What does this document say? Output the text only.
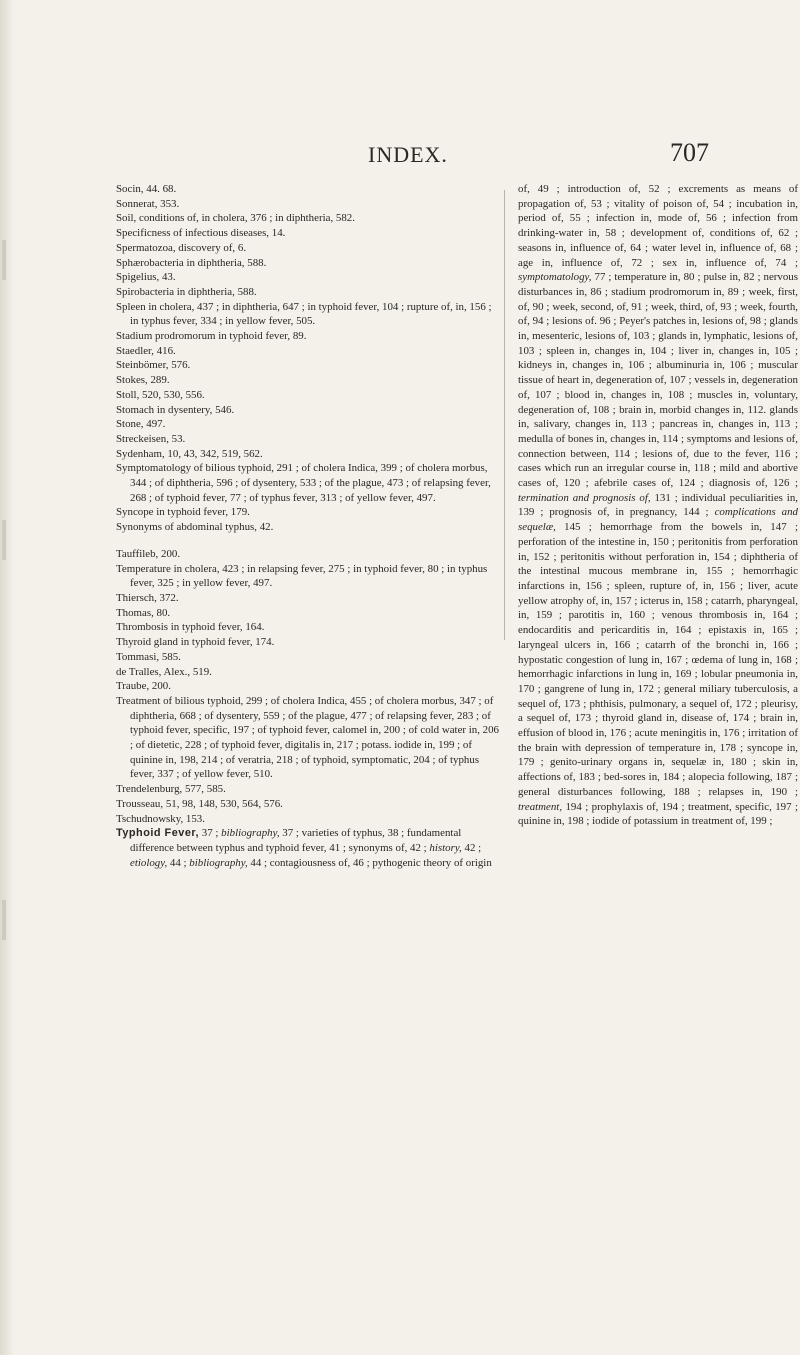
INDEX.	707

Socin, 44. 68.

Sonnerat, 353.

Soil, conditions of, in cholera, 376 ; in diphtheria, 582.

Specificness of infectious diseases, 14.

Spermatozoa, discovery of, 6.

Sphærobacteria in diphtheria, 588.

Spigelius, 43.

Spirobacteria in diphtheria, 588.

Spleen in cholera, 437 ; in diphtheria, 647 ; in typhoid fever, 104 ; rupture of, in, 156 ; in typhus fever, 334 ; in yellow fever, 505.

Stadium prodromorum in typhoid fever, 89.

Staedler, 416.

Steinbömer, 576.

Stokes, 289.

Stoll, 520, 530, 556.

Stomach in dysentery, 546.

Stone, 497.

Streckeisen, 53.

Sydenham, 10, 43, 342, 519, 562.

Symptomatology of bilious typhoid, 291 ; of cholera Indica, 399 ; of cholera morbus, 344 ; of diphtheria, 596 ; of dysentery, 533 ; of the plague, 473 ; of relapsing fever, 268 ; of typhoid fever, 77 ; of typhus fever, 313 ; of yellow fever, 497.

Syncope in typhoid fever, 179.

Synonyms of abdominal typhus, 42.

Tauffileb, 200.

Temperature in cholera, 423 ; in relapsing fever, 275 ; in typhoid fever, 80 ; in typhus fever, 325 ; in yellow fever, 497.

Thiersch, 372.

Thomas, 80.

Thrombosis in typhoid fever, 164.

Thyroid gland in typhoid fever, 174.

Tommasi, 585.

de Tralles, Alex., 519.

Traube, 200.

Treatment of bilious typhoid, 299 ; of cholera Indica, 455 ; of cholera morbus, 347 ; of diphtheria, 668 ; of dysentery, 559 ; of the plague, 477 ; of relapsing fever, 283 ; of typhoid fever, specific, 197 ; of typhoid fever, calomel in, 200 ; of cold water in, 206 ; of dietetic, 228 ; of typhoid fever, digitalis in, 217 ; potass. iodide in, 199 ; of quinine in, 198, 214 ; of veratria, 218 ; of typhoid, symptomatic, 204 ; of typhus fever, 337 ; of yellow fever, 510.

Trendelenburg, 577, 585.

Trousseau, 51, 98, 148, 530, 564, 576.

Tschudnowsky, 153.

Typhoid Fever, 37 ; bibliography, 37 ; varieties of typhus, 38 ; fundamental difference between typhus and typhoid fever, 41 ; synonyms of, 42 ; history, 42 ; etiology, 44 ; bibliography, 44 ; contagiousness of, 46 ; pythogenic theory of origin

of, 49 ; introduction of, 52 ; excrements as means of propagation of, 53 ; vitality of poison of, 54 ; incubation in, period of, 55 ; infection in, mode of, 56 ; infection from drinking-water in, 58 ; development of, conditions of, 62 ; seasons in, influence of, 64 ; water level in, influence of, 68 ; age in, influence of, 72 ; sex in, influence of, 74 ; symptomatology, 77 ; temperature in, 80 ; pulse in, 82 ; nervous disturbances in, 86 ; stadium prodromorum in, 89 ; week, first, of, 90 ; week, second, of, 91 ; week, third, of, 93 ; week, fourth, of, 94 ; lesions of. 96 ; Peyer's patches in, lesions of, 98 ; glands in, mesenteric, lesions of, 103 ; glands in, lymphatic, lesions of, 103 ; spleen in, changes in, 104 ; liver in, changes in, 105 ; kidneys in, changes in, 106 ; albuminuria in, 106 ; muscular tissue of heart in, degeneration of, 107 ; vessels in, degeneration of, 107 ; blood in, changes in, 108 ; muscles in, voluntary, degeneration of, 108 ; brain in, morbid changes in, 112. glands in, salivary, changes in, 113 ; pancreas in, changes in, 113 ; medulla of bones in, changes in, 114 ; symptoms and lesions of, connection between, 114 ; lesions of, due to the fever, 116 ; cases which run an irregular course in, 118 ; mild and abortive cases of, 120 ; afebrile cases of, 124 ; diagnosis of, 126 ; termination and prognosis of, 131 ; individual peculiarities in, 139 ; prognosis of, in pregnancy, 144 ; complications and sequelæ, 145 ; hemorrhage from the bowels in, 147 ; perforation of the intestine in, 150 ; peritonitis from perforation in, 152 ; peritonitis without perforation in, 154 ; diphtheria of the intestinal mucous membrane in, 155 ; hemorrhagic infarctions in, 156 ; spleen, rupture of, in, 156 ; liver, acute yellow atrophy of, in, 157 ; icterus in, 158 ; catarrh, pharyngeal, in, 159 ; parotitis in, 160 ; venous thrombosis in, 164 ; endocarditis and pericarditis in, 164 ; epistaxis in, 165 ; laryngeal ulcers in, 166 ; catarrh of the bronchi in, 166 ; hypostatic congestion of lung in, 167 ; œdema of lung in, 168 ; hemorrhagic infarctions in lung in, 169 ; lobular pneumonia in, 170 ; gangrene of lung in, 172 ; general miliary tuberculosis, a sequel of, 173 ; phthisis, pulmonary, a sequel of, 172 ; pleurisy, a sequel of, 173 ; thyroid gland in, disease of, 174 ; brain in, effusion of blood in, 176 ; acute meningitis in, 176 ; irritation of the brain with depression of temperature in, 178 ; syncope in, 179 ; genito-urinary organs in, sequelæ in, 180 ; skin in, affections of, 183 ; bed-sores in, 184 ; alopecia following, 187 ; general disturbances following, 188 ; relapses in, 190 ; treatment, 194 ; prophylaxis of, 194 ; treatment, specific, 197 ; quinine in, 198 ; iodide of potassium in treatment of, 199 ;
